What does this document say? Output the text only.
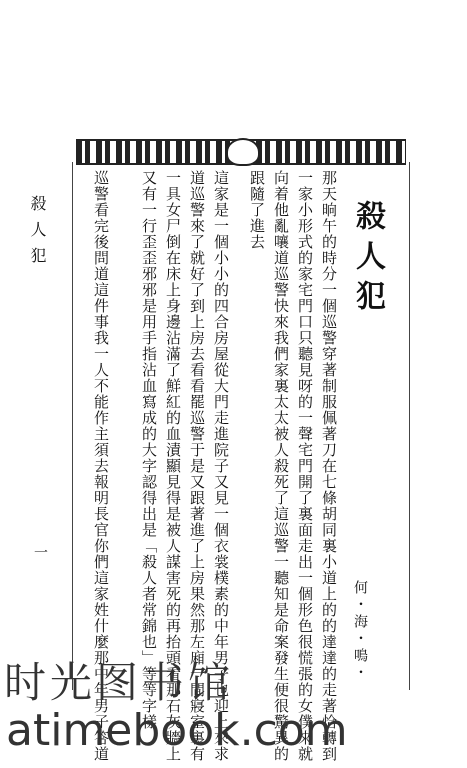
殺人犯
一
殺人犯
那天晌午的時分一個巡警穿著制服佩著刀在七條胡同裏小道上的的達達的走著恰轉到
一家小形式的家宅門口只聽見呀的一聲宅門開了裏面走出一個形色很慌張的女僕來就
向着他亂嚷道巡警快來我們家裏太太被人殺死了這巡警一聽知是命案發生便很驚異的
跟隨了進去
這家是一個小小的四合房屋從大門走進院子又見一個衣裳樸素的中年男子也迎上來求
道巡警來了就好了到上房去看看罷巡警于是又跟著進了上房果然那左廂一間寢室裏有
一具女尸倒在床上身邊沾滿了鮮紅的血漬顯見得是被人謀害死的再抬頭看那石灰牆上
又有一行歪歪邪邪是用手指沾血寫成的大字認得出是「殺人者常錦也」等等字樣
巡警看完後問道這件事我一人不能作主須去報明長官你們這家姓什麼那中年男子答道	何・海・鳴・
时光图书馆
atimebook.com
